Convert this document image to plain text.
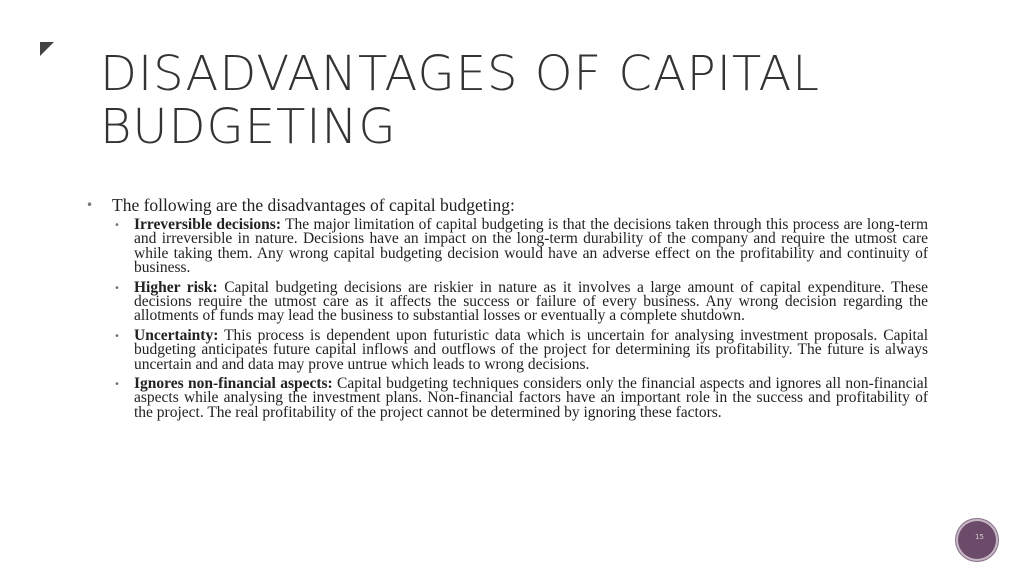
DISADVANTAGES OF CAPITAL BUDGETING

• The following are the disadvantages of capital budgeting:

• Irreversible decisions: The major limitation of capital budgeting is that the decisions taken through this process are long-term and irreversible in nature. Decisions have an impact on the long-term durability of the company and require the utmost care while taking them. Any wrong capital budgeting decision would have an adverse effect on the profitability and continuity of business.
• Higher risk: Capital budgeting decisions are riskier in nature as it involves a large amount of capital expenditure. These decisions require the utmost care as it affects the success or failure of every business. Any wrong decision regarding the allotments of funds may lead the business to substantial losses or eventually a complete shutdown.
• Uncertainty: This process is dependent upon futuristic data which is uncertain for analysing investment proposals. Capital budgeting anticipates future capital inflows and outflows of the project for determining its profitability. The future is always uncertain and and data may prove untrue which leads to wrong decisions.
• Ignores non-financial aspects: Capital budgeting techniques considers only the financial aspects and ignores all non-financial aspects while analysing the investment plans. Non-financial factors have an important role in the success and profitability of the project. The real profitability of the project cannot be determined by ignoring these factors.
15
